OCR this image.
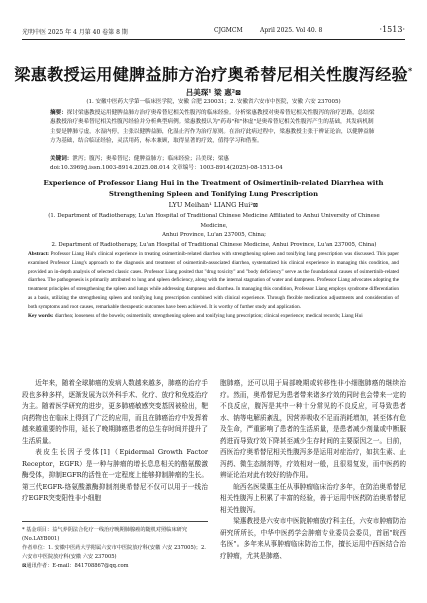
光明中医 2025 年 4 月第 40 卷第 8 期	CJGMCM	April 2025. Vol 40. 8	·1513·
梁惠教授运用健脾益肺方治疗奥希替尼相关性腹泻经验*
吕美琛¹ 梁 惠²⊠
(1. 安徽中医药大学第一临床医学院，安徽 合肥 230031；2. 安徽省六安市中医院，安徽 六安 237005)

摘要：探讨梁惠教授运用健脾益肺方治疗奥希替尼相关性腹泻的临床经验。分析梁惠教授对奥希替尼相关性腹泻的治疗思路，总结梁惠教授治疗奥希替尼相关性腹泻经验并分析典型病例。梁惠教授认为"药毒"和"体虚"是奥希替尼相关性腹泻产生的基础，其发病机制主要是脾肺亏虚，水湿内停，主张以健脾益肺，化湿止泻作为治疗原则。在治疗此病过程中，梁惠教授主张于辨证论治，以健脾益肺方为基础，结合临证经验，灵活用药，标本兼顾，取得显著的疗效，值得学习和借鉴。

关键词：泄泻；腹泻；奥希替尼；健脾益肺方；临床经验；吕美琛；梁惠

doi:10.3969/j.issn.1003-8914.2025.08.014 文章编号：1003-8914(2025)-08-1513-04

Experience of Professor Liang Hui in the Treatment of Osimertinib-related Diarrhea with
Strengthening Spleen and Tonifying Lung Prescription
LYU Meihan¹ LIANG Hui²⊠

(1. Department of Radiotherapy, Lu'an Hospital of Traditional Chinese Medicine Affiliated to Anhui University of Chinese Medicine,

Anhui Province, Lu'an 237005, China;

2. Department of Radiotherapy, Lu'an Hospital of Traditional Chinese Medicine, Anhui Province, Lu'an 237005, China)

Abstract: Professor Liang Hui's clinical experience in treating osimertinib-related diarrhea with strengthening spleen and tonifying lung prescription was discussed. This paper examined Professor Liang's approach to the diagnosis and treatment of osimertinib-associated diarrhea, systematized his clinical experience in managing this condition, and provided an in-depth analysis of selected classic cases. Professor Liang posited that "drug toxicity" and "body deficiency" serve as the foundational causes of osimertinib-related diarrhea. The pathogenesis is primarily attributed to lung and spleen deficiency, along with the internal stagnation of water and dampness. Professor Liang advocates adopting the treatment principles of strengthening the spleen and lungs while addressing dampness and diarrhea. In managing this condition, Professor Liang employs syndrome differentiation as a basis, utilizing the strengthening spleen and tonifying lung prescription combined with clinical experience. Through flexible medication adjustments and consideration of both symptoms and root causes, remarkable therapeutic outcomes have been achieved. It is worthy of further study and application.

Key words: diarrhea; looseness of the bowels; osimertinib; strengthening spleen and tonifying lung prescription; clinical experience; medical records; Liang Hui

近年来，随着全球肺癌的发病人数越来越多，肺癌的治疗手段也多种多样，逐渐发展为以外科手术、化疗、放疗和免疫治疗为主。随着医学研究的进步，更多肺癌敏感突变基因被检出，靶向药物也在临床上得到了广泛的应用，而且在肺癌治疗中发挥着越来越重要的作用，延长了晚期肺癌患者的总生存时间并提升了生活质量。

表皮生长因子受体[1]（Epidermal Growth Factor Receptor，EGFR）是一种与肿瘤的增长息息相关的酪氨酸激酶受体，抑制EGFR的活性在一定程度上能够抑制肿瘤的生长。第三代EGFR-络氨酸激酶抑制剂奥希替尼不仅可以用于一线治疗EGFR突变阳性非小细胞

胞肺癌，还可以用于局部晚期或转移性非小细胞肺癌的继续治疗。然而，奥希替尼为患者带来诸多疗效的同时也会带来一定的不良反应，腹泻是其中一种十分常见的不良反应，可导致患者水、钠等电解质紊乱，因营养吸收不足而消耗增加，甚至体有危及生命，严重影响了患者的生活质量，是患者减少剂量或中断服药进而导致疗效下降甚至减少生存时间的主要原因之一。目前，西医治疗奥希替尼相关性腹泻多是运用对症治疗，如抗生素、止泻药、微生态制剂等，疗效相对一般，且很易复发，而中医药的辨证论治对此有较好的协作用。

皖西名医梁惠主任从事肿瘤临床治疗多年，在防治奥希替尼相关性腹泻上积累了丰富的经验，善于运用中医药防治奥希替尼相关性腹泻。

梁惠教授是六安市中医院肿瘤放疗科主任，六安市肿瘤防治研究所所长，中华中医药学会肿瘤专业委员会委员，首届"皖西名医"。多年来从事肿瘤临床防治工作，擅长运用中西医结合治疗肿瘤，尤其是肺癌、

* 基金项目：益气养阴法合化疗一线治疗晚期肺腺癌的随机对照临床研究(No.LAYB001)

作者单位：1. 安徽中医药大学附属六安市中医院放疗科(安徽 六安 237005)；2. 六安市中医院放疗科(安徽 六安 237005)

⊠通讯作者：E-mail：841708867@qq.com
